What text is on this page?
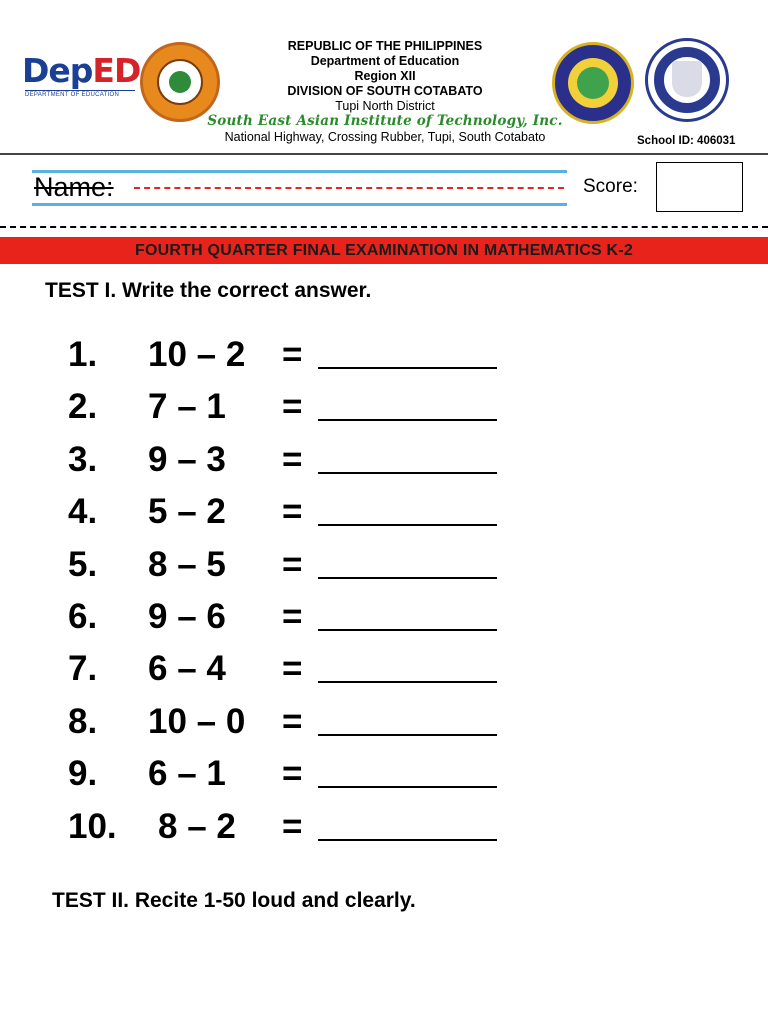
DepED
DEPARTMENT OF EDUCATION
REPUBLIC OF THE PHILIPPINES
Department of Education
Region XII
DIVISION OF SOUTH COTABATO
Tupi North District
South East Asian Institute of Technology, Inc.
National Highway, Crossing Rubber, Tupi, South Cotabato	School ID: 406031
Name:	Score:
FOURTH QUARTER FINAL EXAMINATION IN MATHEMATICS K-2
TEST I. Write the correct answer.
1. 10 – 2 =
2. 7 – 1 =
3. 9 – 3 =
4. 5 – 2 =
5. 8 – 5 =
6. 9 – 6 =
7. 6 – 4 =
8. 10 – 0 =
9. 6 – 1 =
10. 8 – 2 =
TEST II. Recite 1-50 loud and clearly.
